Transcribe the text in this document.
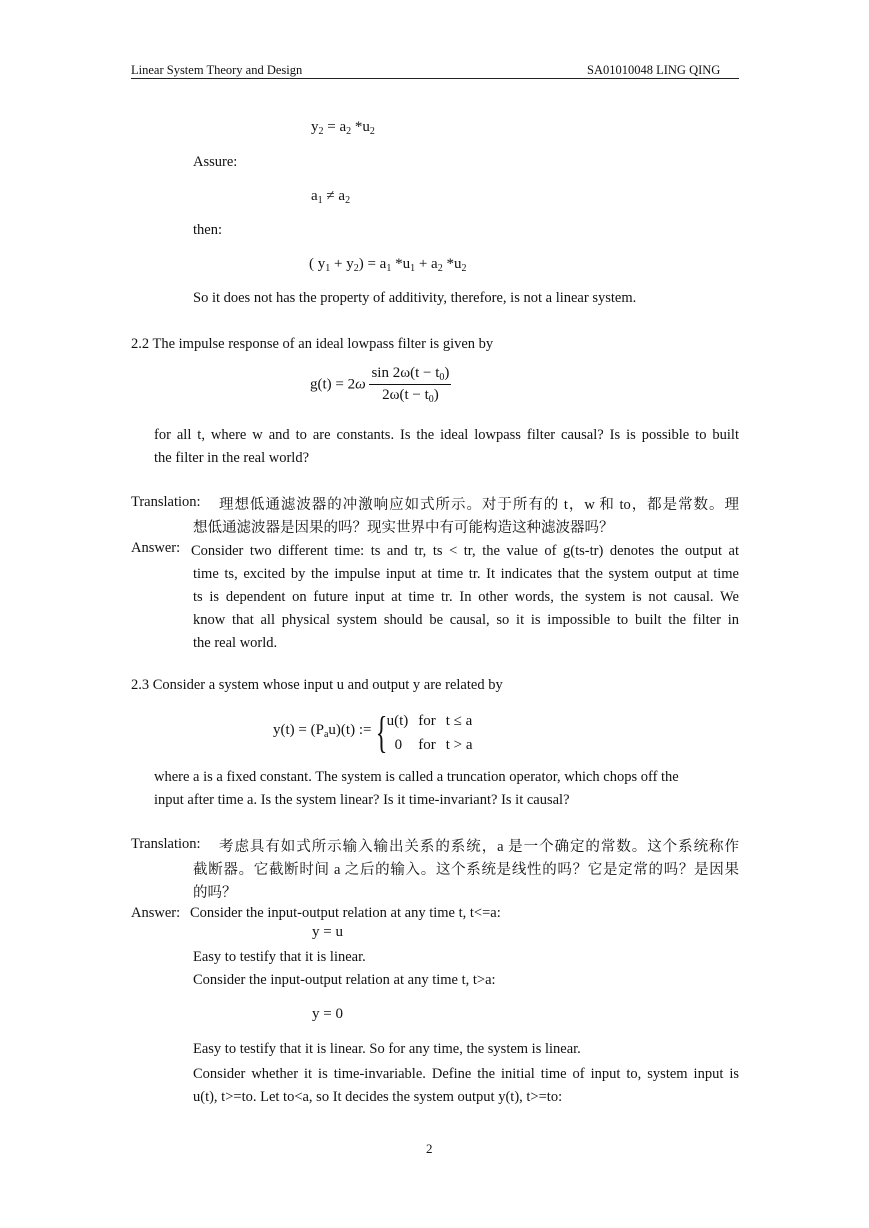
Linear System Theory and Design	SA01010048 LING QING
$y_2 = a_2$ $*u_2$
Assure:
$a_1 \ne a_2$
then:
( $y_1 + y_2) = a_1$ $*u_1 + a_2$ $*u_2$
So it does not has the property of additivity, therefore, is not a linear system.
2.2 The impulse response of an ideal lowpass filter is given by
$g(t) = 2\omega \frac{\sin 2\omega(t - t_0)}{2\omega(t - t_0)}$
for all t, where w and to are constants. Is the ideal lowpass filter causal? Is is possible to built
the filter in the real world?
Translation: 理想低通滤波器的冲激响应如式所示。对于所有的 t，w 和 to，都是常数。理
想低通滤波器是因果的吗？现实世界中有可能构造这种滤波器吗？
Answer: Consider two different time: ts and tr, ts < tr, the value of g(ts-tr) denotes the output at
time ts, excited by the impulse input at time tr. It indicates that the system output at time
ts is dependent on future input at time tr. In other words, the system is not causal. We
know that all physical system should be causal, so it is impossible to built the filter in
the real world.
2.3 Consider a system whose input u and output y are related by
$y(t) = (P_au)(t)$ := {u(t)	for	t ≤ a
0	for	t > a
where a is a fixed constant. The system is called a truncation operator, which chops off the
input after time a. Is the system linear? Is it time-invariant? Is it causal?
Translation: 考虑具有如式所示输入输出关系的系统，a 是一个确定的常数。这个系统称作
截断器。它截断时间 a 之后的输入。这个系统是线性的吗？它是定常的吗？是因果
的吗？
Answer: Consider the input-output relation at any time t, t<=a:
y = u
Easy to testify that it is linear.
Consider the input-output relation at any time t, t>a:
y = 0
Easy to testify that it is linear. So for any time, the system is linear.
Consider whether it is time-invariable. Define the initial time of input to, system input is
u(t), t>=to. Let to<a, so It decides the system output y(t), t>=to:
2
